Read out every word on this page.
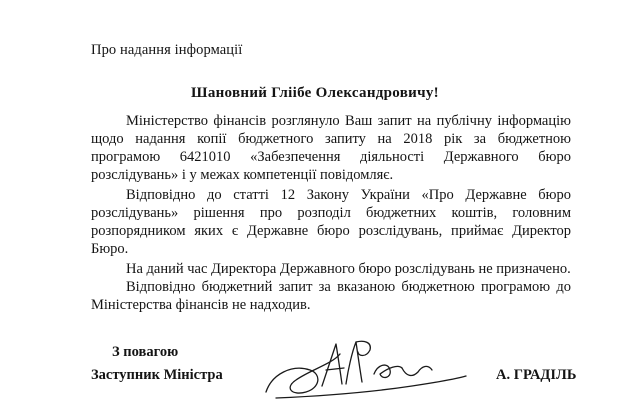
Про надання інформації
Шановний Гліібе Олександровичу!
Міністерство фінансів розглянуло Ваш запит на публічну інформацію
щодо надання копії бюджетного запиту на 2018 рік за бюджетною
програмою 6421010 «Забезпечення діяльності Державного бюро
розслідувань» і у межах компетенції повідомляє.
Відповідно до статті 12 Закону України «Про Державне бюро
розслідувань» рішення про розподіл бюджетних коштів, головним
розпорядником яких є Державне бюро розслідувань, приймає Директор
Бюро.
На даний час Директора Державного бюро розслідувань не призначено.
Відповідно бюджетний запит за вказаною бюджетною програмою до
Міністерства фінансів не надходив.
З повагою
Заступник Міністра	А. ГРАДІЛЬ
